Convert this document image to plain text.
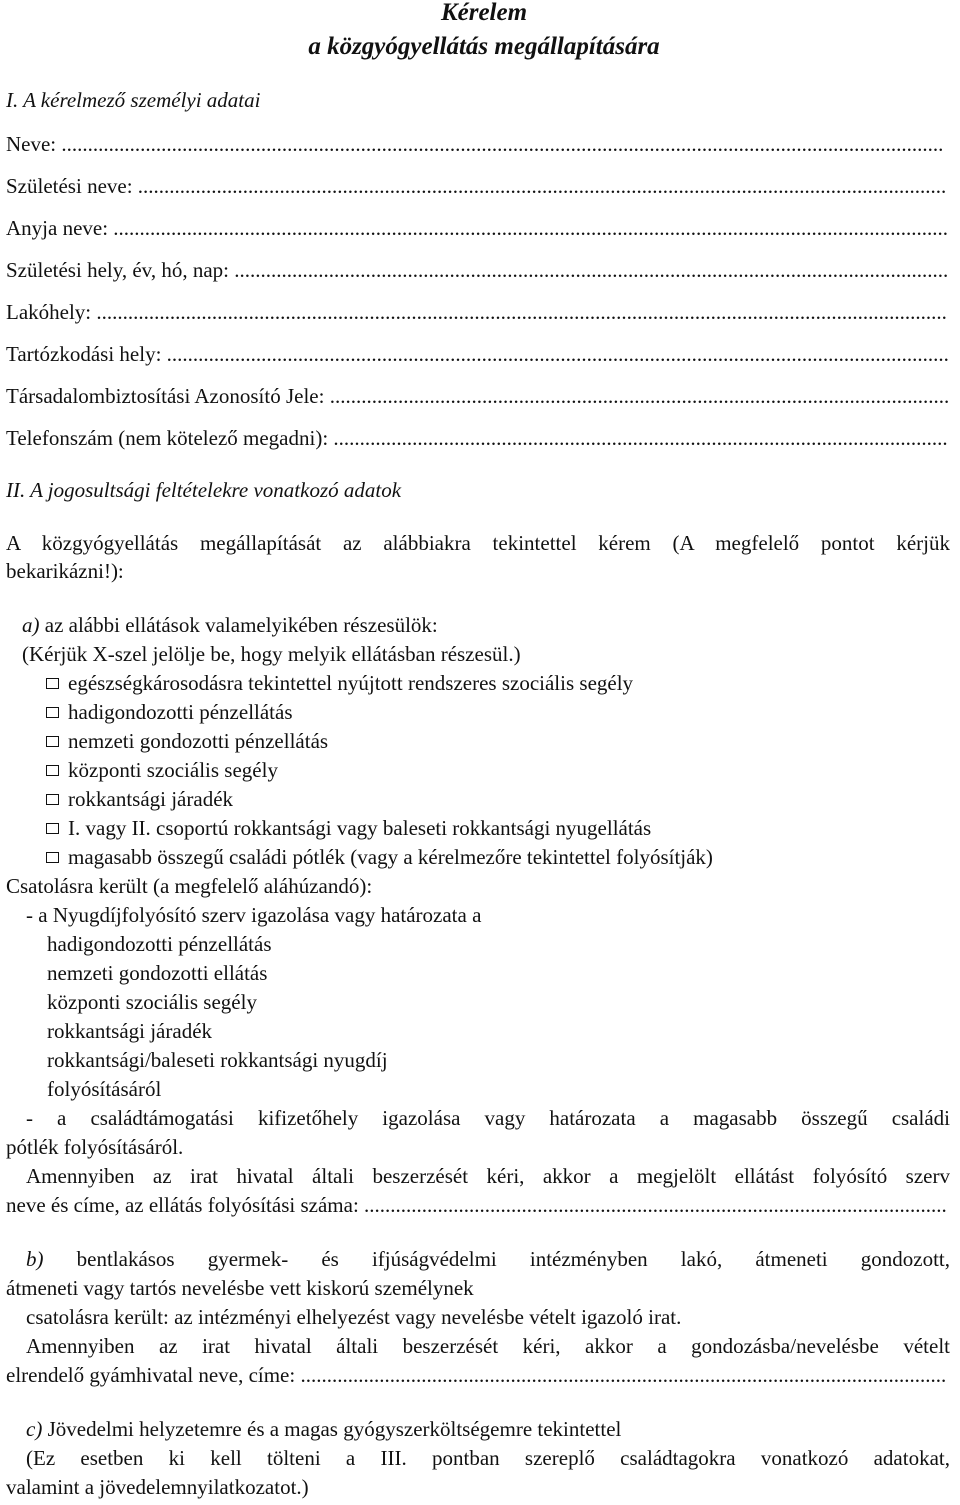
Kérelem
a közgyógyellátás megállapítására
I. A kérelmező személyi adatai
Neve: ........................................................................................................................................................................
Születési neve: ..........................................................................................................................................................
Anyja neve: ...............................................................................................................................................................
Születési hely, év, hó, nap: ........................................................................................................................................
Lakóhely: ..................................................................................................................................................................
Tartózkodási hely: .....................................................................................................................................................
Társadalombiztosítási Azonosító Jele: ......................................................................................................................
Telefonszám (nem kötelező megadni): .....................................................................................................................
II. A jogosultsági feltételekre vonatkozó adatok
A közgyógyellátás megállapítását az alábbiakra tekintettel kérem (A megfelelő pontot kérjük
bekarikázni!):
a) az alábbi ellátások valamelyikében részesülök:
(Kérjük X-szel jelölje be, hogy melyik ellátásban részesül.)
egészségkárosodásra tekintettel nyújtott rendszeres szociális segély
hadigondozotti pénzellátás
nemzeti gondozotti pénzellátás
központi szociális segély
rokkantsági járadék
I. vagy II. csoportú rokkantsági vagy baleseti rokkantsági nyugellátás
magasabb összegű családi pótlék (vagy a kérelmezőre tekintettel folyósítják)
Csatolásra került (a megfelelő aláhúzandó):
- a Nyugdíjfolyósító szerv igazolása vagy határozata a
hadigondozotti pénzellátás
nemzeti gondozotti ellátás
központi szociális segély
rokkantsági járadék
rokkantsági/baleseti rokkantsági nyugdíj
folyósításáról
- a családtámogatási kifizetőhely igazolása vagy határozata a magasabb összegű családi
pótlék folyósításáról.
Amennyiben az irat hivatal általi beszerzését kéri, akkor a megjelölt ellátást folyósító szerv
neve és címe, az ellátás folyósítási száma: ...............................................................................................................
b) bentlakásos gyermek- és ifjúságvédelmi intézményben lakó, átmeneti gondozott,
átmeneti vagy tartós nevelésbe vett kiskorú személynek
csatolásra került: az intézményi elhelyezést vagy nevelésbe vételt igazoló irat.
Amennyiben az irat hivatal általi beszerzését kéri, akkor a gondozásba/nevelésbe vételt
elrendelő gyámhivatal neve, címe: ...........................................................................................................................
c) Jövedelmi helyzetemre és a magas gyógyszerköltségemre tekintettel
(Ez esetben ki kell tölteni a III. pontban szereplő családtagokra vonatkozó adatokat,
valamint a jövedelemnyilatkozatot.)
